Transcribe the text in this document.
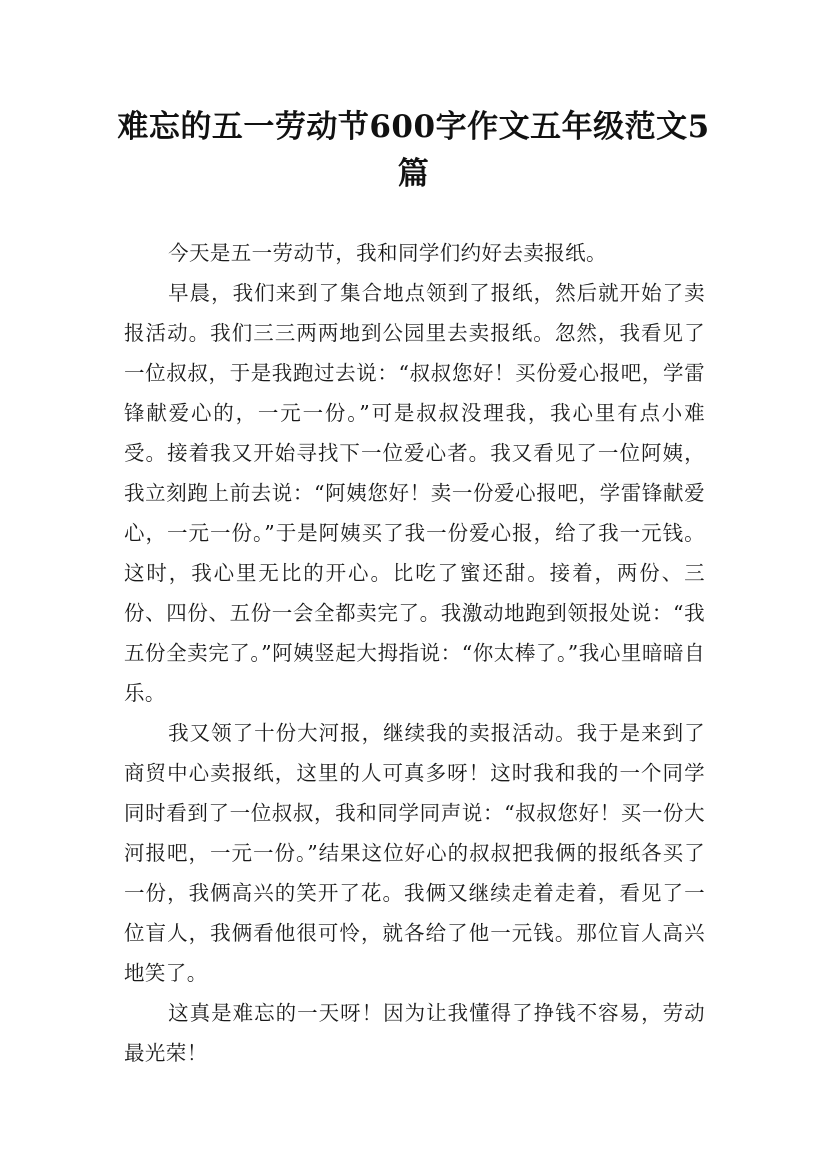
难忘的五一劳动节600字作文五年级范文5篇

今天是五一劳动节，我和同学们约好去卖报纸。

早晨，我们来到了集合地点领到了报纸，然后就开始了卖报活动。我们三三两两地到公园里去卖报纸。忽然，我看见了一位叔叔，于是我跑过去说：“叔叔您好！买份爱心报吧，学雷锋献爱心的，一元一份。”可是叔叔没理我，我心里有点小难受。接着我又开始寻找下一位爱心者。我又看见了一位阿姨，我立刻跑上前去说：“阿姨您好！卖一份爱心报吧，学雷锋献爱心，一元一份。”于是阿姨买了我一份爱心报，给了我一元钱。这时，我心里无比的开心。比吃了蜜还甜。接着，两份、三份、四份、五份一会全都卖完了。我激动地跑到领报处说：“我五份全卖完了。”阿姨竖起大拇指说：“你太棒了。”我心里暗暗自乐。

我又领了十份大河报，继续我的卖报活动。我于是来到了商贸中心卖报纸，这里的人可真多呀！这时我和我的一个同学同时看到了一位叔叔，我和同学同声说：“叔叔您好！买一份大河报吧，一元一份。”结果这位好心的叔叔把我俩的报纸各买了一份，我俩高兴的笑开了花。我俩又继续走着走着，看见了一位盲人，我俩看他很可怜，就各给了他一元钱。那位盲人高兴地笑了。

这真是难忘的一天呀！因为让我懂得了挣钱不容易，劳动最光荣！
